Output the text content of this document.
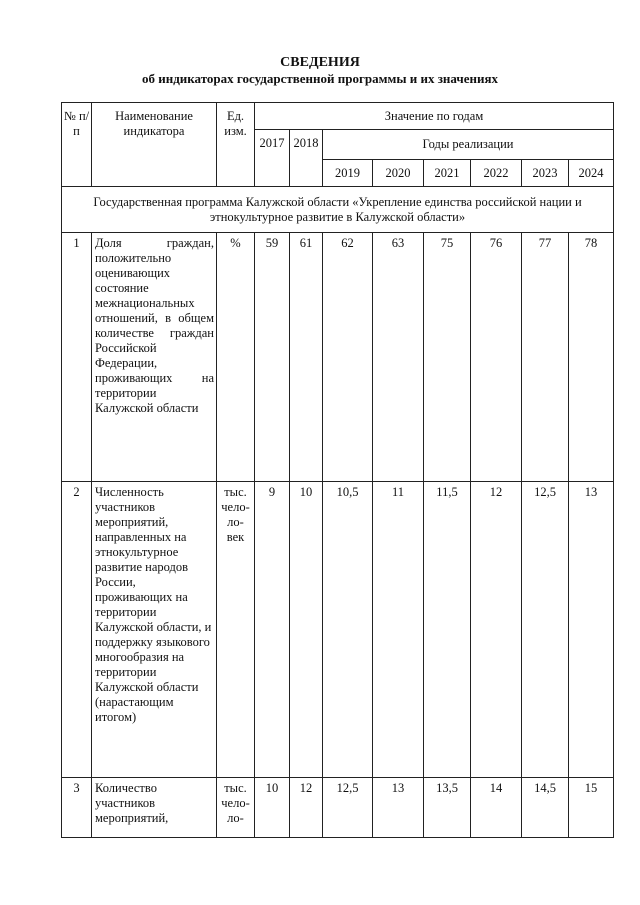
СВЕДЕНИЯ
об индикаторах государственной программы и их значениях
№ п/п	Наименование индикатора	Ед. изм.	Значение по годам							
			2017	2018	Годы реализации					
					2019	2020	2021	2022	2023	2024
Государственная программа Калужской области «Укрепление единства российской нации и этнокультурное развитие в Калужской области»										
1	Доля граждан, положительно оценивающих состояние межнациональных отношений, в общем количестве граждан Российской Федерации, проживающих на территории Калужской области	%	59	61	62	63	75	76	77	78
2	Численность участников мероприятий, направленных на этнокультурное развитие народов России, проживающих на территории Калужской области, и поддержку языкового многообразия на территории Калужской области (нарастающим итогом)	тыс. чело- ло- век	9	10	10,5	11	11,5	12	12,5	13
3	Количество участников мероприятий,	тыс. чело- ло-	10	12	12,5	13	13,5	14	14,5	15
